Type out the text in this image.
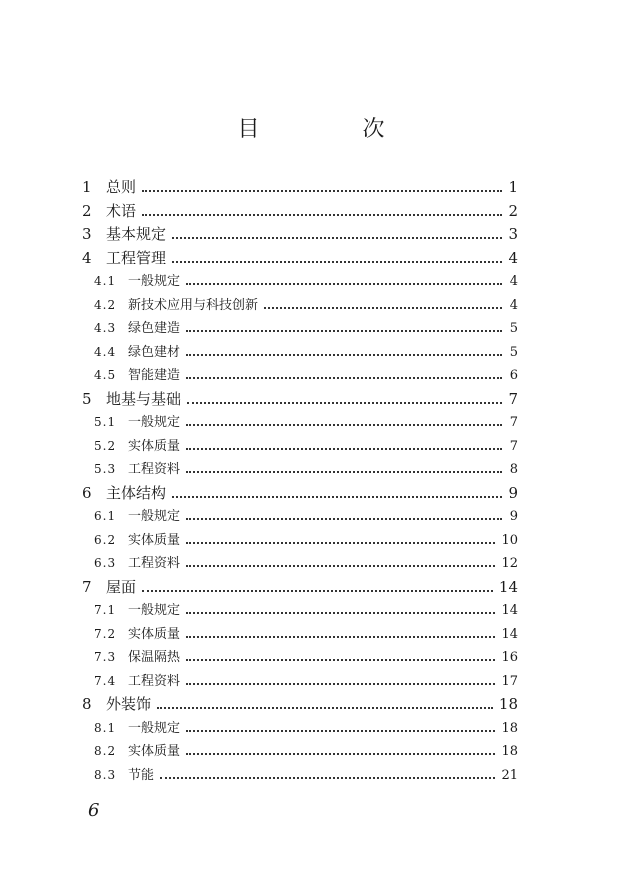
目 次
1 总则	1
2 术语	2
3 基本规定	3
4 工程管理	4
4.1 一般规定	4
4.2 新技术应用与科技创新	4
4.3 绿色建造	5
4.4 绿色建材	5
4.5 智能建造	6
5 地基与基础	7
5.1 一般规定	7
5.2 实体质量	7
5.3 工程资料	8
6 主体结构	9
6.1 一般规定	9
6.2 实体质量	10
6.3 工程资料	12
7 屋面	14
7.1 一般规定	14
7.2 实体质量	14
7.3 保温隔热	16
7.4 工程资料	17
8 外装饰	18
8.1 一般规定	18
8.2 实体质量	18
8.3 节能	21
6
